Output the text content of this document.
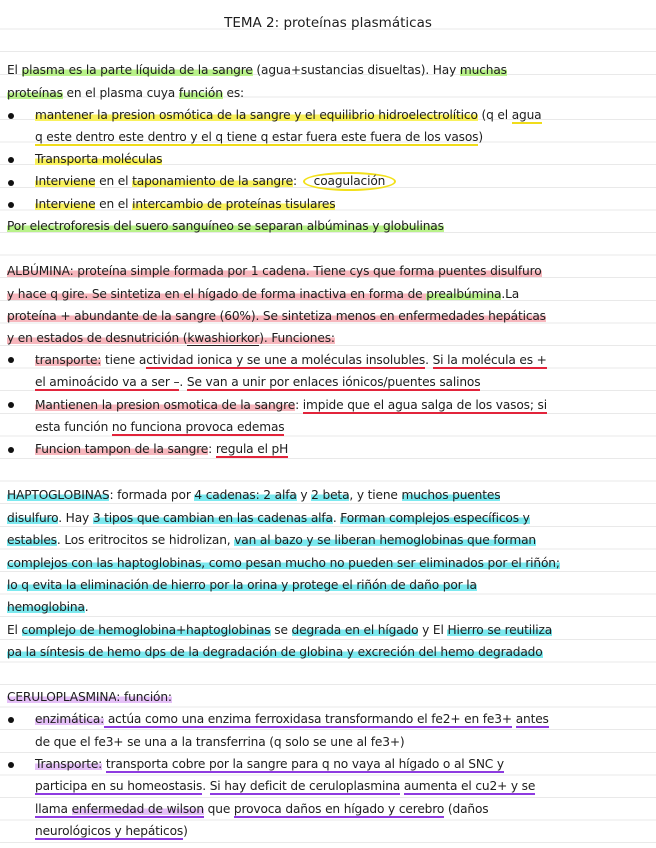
TEMA 2: proteínas plasmáticas
El plasma es la parte líquida de la sangre (agua+sustancias disueltas). Hay muchas
proteínas en el plasma cuya función es:
mantener la presion osmótica de la sangre y el equilibrio hidroelectrolítico (q el agua
q este dentro este dentro y el q tiene q estar fuera este fuera de los vasos)
Transporta moléculas
Interviene en el taponamiento de la sangre: coagulación
Interviene en el intercambio de proteínas tisulares
Por electroforesis del suero sanguíneo se separan albúminas y globulinas
ALBÚMINA: proteína simple formada por 1 cadena. Tiene cys que forma puentes disulfuro
y hace q gire. Se sintetiza en el hígado de forma inactiva en forma de prealbúmina.La
proteína + abundante de la sangre (60%). Se sintetiza menos en enfermedades hepáticas
y en estados de desnutrición (kwashiorkor). Funciones:
transporte: tiene actividad ionica y se une a moléculas insolubles. Si la molécula es +
el aminoácido va a ser –. Se van a unir por enlaces iónicos/puentes salinos
Mantienen la presion osmotica de la sangre: impide que el agua salga de los vasos; si
esta función no funciona provoca edemas
Funcion tampon de la sangre: regula el pH
HAPTOGLOBINAS: formada por 4 cadenas: 2 alfa y 2 beta, y tiene muchos puentes
disulfuro. Hay 3 tipos que cambian en las cadenas alfa. Forman complejos específicos y
estables. Los eritrocitos se hidrolizan, van al bazo y se liberan hemoglobinas que forman
complejos con las haptoglobinas, como pesan mucho no pueden ser eliminados por el riñón;
lo q evita la eliminación de hierro por la orina y protege el riñón de daño por la
hemoglobina.
El complejo de hemoglobina+haptoglobinas se degrada en el hígado y El Hierro se reutiliza
pa la síntesis de hemo dps de la degradación de globina y excreción del hemo degradado
CERULOPLASMINA: función:
enzimática: actúa como una enzima ferroxidasa transformando el fe2+ en fe3+ antes
de que el fe3+ se una a la transferrina (q solo se une al fe3+)
Transporte: transporta cobre por la sangre para q no vaya al hígado o al SNC y
participa en su homeostasis. Si hay deficit de ceruloplasmina aumenta el cu2+ y se
llama enfermedad de wilson que provoca daños en hígado y cerebro (daños
neurológicos y hepáticos)
